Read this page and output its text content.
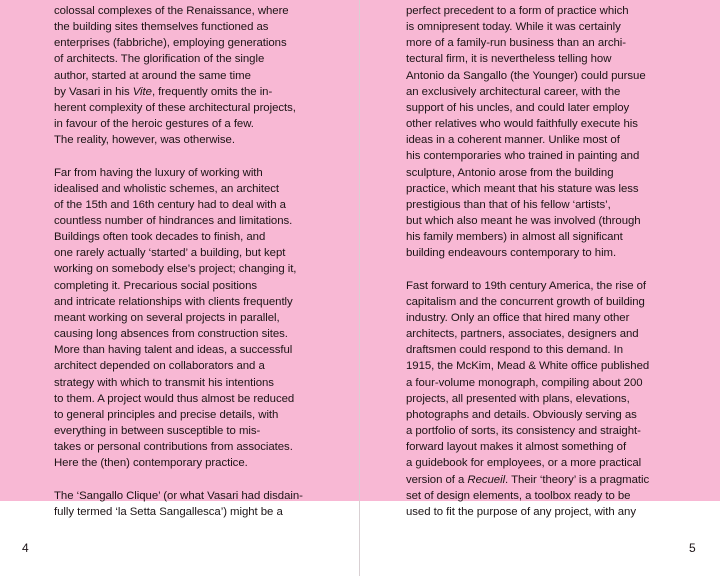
colossal complexes of the Renaissance, where
the building sites themselves functioned as
enterprises (fabbriche), employing generations
of architects. The glorification of the single
author, started at around the same time
by Vasari in his Vite, frequently omits the in-
herent complexity of these architectural projects,
in favour of the heroic gestures of a few.
The reality, however, was otherwise.
Far from having the luxury of working with
idealised and wholistic schemes, an architect
of the 15th and 16th century had to deal with a
countless number of hindrances and limitations.
Buildings often took decades to finish, and
one rarely actually ‘started’ a building, but kept
working on somebody else’s project; changing it,
completing it. Precarious social positions
and intricate relationships with clients frequently
meant working on several projects in parallel,
causing long absences from construction sites.
More than having talent and ideas, a successful
architect depended on collaborators and a
strategy with which to transmit his intentions
to them. A project would thus almost be reduced
to general principles and precise details, with
everything in between susceptible to mis-
takes or personal contributions from associates.
Here the (then) contemporary practice.
The ‘Sangallo Clique’ (or what Vasari had disdain-
fully termed ‘la Setta Sangallesca’) might be a
4
perfect precedent to a form of practice which
is omnipresent today. While it was certainly
more of a family-run business than an archi-
tectural firm, it is nevertheless telling how
Antonio da Sangallo (the Younger) could pursue
an exclusively architectural career, with the
support of his uncles, and could later employ
other relatives who would faithfully execute his
ideas in a coherent manner. Unlike most of
his contemporaries who trained in painting and
sculpture, Antonio arose from the building
practice, which meant that his stature was less
prestigious than that of his fellow ‘artists’,
but which also meant he was involved (through
his family members) in almost all significant
building endeavours contemporary to him.
Fast forward to 19th century America, the rise of
capitalism and the concurrent growth of building
industry. Only an office that hired many other
architects, partners, associates, designers and
draftsmen could respond to this demand. In
1915, the McKim, Mead & White office published
a four-volume monograph, compiling about 200
projects, all presented with plans, elevations,
photographs and details. Obviously serving as
a portfolio of sorts, its consistency and straight-
forward layout makes it almost something of
a guidebook for employees, or a more practical
version of a Recueil. Their ‘theory’ is a pragmatic
set of design elements, a toolbox ready to be
used to fit the purpose of any project, with any
5
